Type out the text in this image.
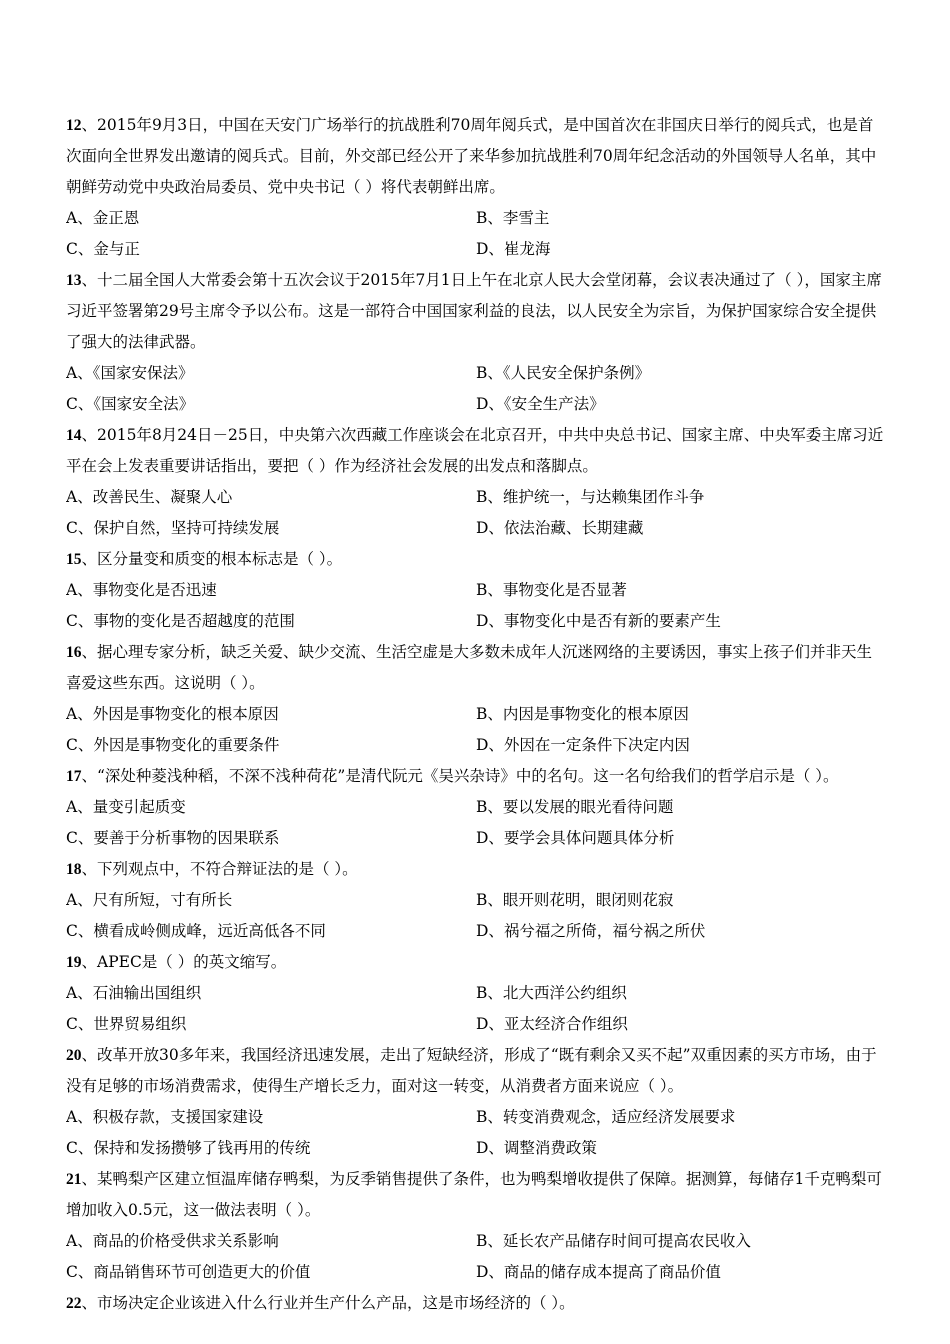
12、2015年9月3日，中国在天安门广场举行的抗战胜利70周年阅兵式，是中国首次在非国庆日举行的阅兵式，也是首次面向全世界发出邀请的阅兵式。目前，外交部已经公开了来华参加抗战胜利70周年纪念活动的外国领导人名单，其中朝鲜劳动党中央政治局委员、党中央书记（ ）将代表朝鲜出席。

A、金正恩	B、李雪主
C、金与正	D、崔龙海

13、十二届全国人大常委会第十五次会议于2015年7月1日上午在北京人民大会堂闭幕，会议表决通过了（ ），国家主席习近平签署第29号主席令予以公布。这是一部符合中国国家利益的良法，以人民安全为宗旨，为保护国家综合安全提供了强大的法律武器。

A、《国家安保法》	B、《人民安全保护条例》
C、《国家安全法》	D、《安全生产法》

14、2015年8月24日－25日，中央第六次西藏工作座谈会在北京召开，中共中央总书记、国家主席、中央军委主席习近平在会上发表重要讲话指出，要把（ ）作为经济社会发展的出发点和落脚点。

A、改善民生、凝聚人心	B、维护统一，与达赖集团作斗争
C、保护自然，坚持可持续发展	D、依法治藏、长期建藏

15、区分量变和质变的根本标志是（ ）。

A、事物变化是否迅速	B、事物变化是否显著
C、事物的变化是否超越度的范围	D、事物变化中是否有新的要素产生

16、据心理专家分析，缺乏关爱、缺少交流、生活空虚是大多数未成年人沉迷网络的主要诱因，事实上孩子们并非天生喜爱这些东西。这说明（ ）。

A、外因是事物变化的根本原因	B、内因是事物变化的根本原因
C、外因是事物变化的重要条件	D、外因在一定条件下决定内因

17、“深处种菱浅种稻，不深不浅种荷花”是清代阮元《吴兴杂诗》中的名句。这一名句给我们的哲学启示是（ ）。

A、量变引起质变	B、要以发展的眼光看待问题
C、要善于分析事物的因果联系	D、要学会具体问题具体分析

18、下列观点中，不符合辩证法的是（ ）。

A、尺有所短，寸有所长	B、眼开则花明，眼闭则花寂
C、横看成岭侧成峰，远近高低各不同	D、祸兮福之所倚，福兮祸之所伏

19、APEC是（ ）的英文缩写。

A、石油输出国组织	B、北大西洋公约组织
C、世界贸易组织	D、亚太经济合作组织

20、改革开放30多年来，我国经济迅速发展，走出了短缺经济，形成了“既有剩余又买不起”双重因素的买方市场，由于没有足够的市场消费需求，使得生产增长乏力，面对这一转变，从消费者方面来说应（ ）。

A、积极存款，支援国家建设	B、转变消费观念，适应经济发展要求
C、保持和发扬攒够了钱再用的传统	D、调整消费政策

21、某鸭梨产区建立恒温库储存鸭梨，为反季销售提供了条件，也为鸭梨增收提供了保障。据测算，每储存1千克鸭梨可增加收入0.5元，这一做法表明（ ）。

A、商品的价格受供求关系影响	B、延长农产品储存时间可提高农民收入
C、商品销售环节可创造更大的价值	D、商品的储存成本提高了商品价值

22、市场决定企业该进入什么行业并生产什么产品，这是市场经济的（ ）。
